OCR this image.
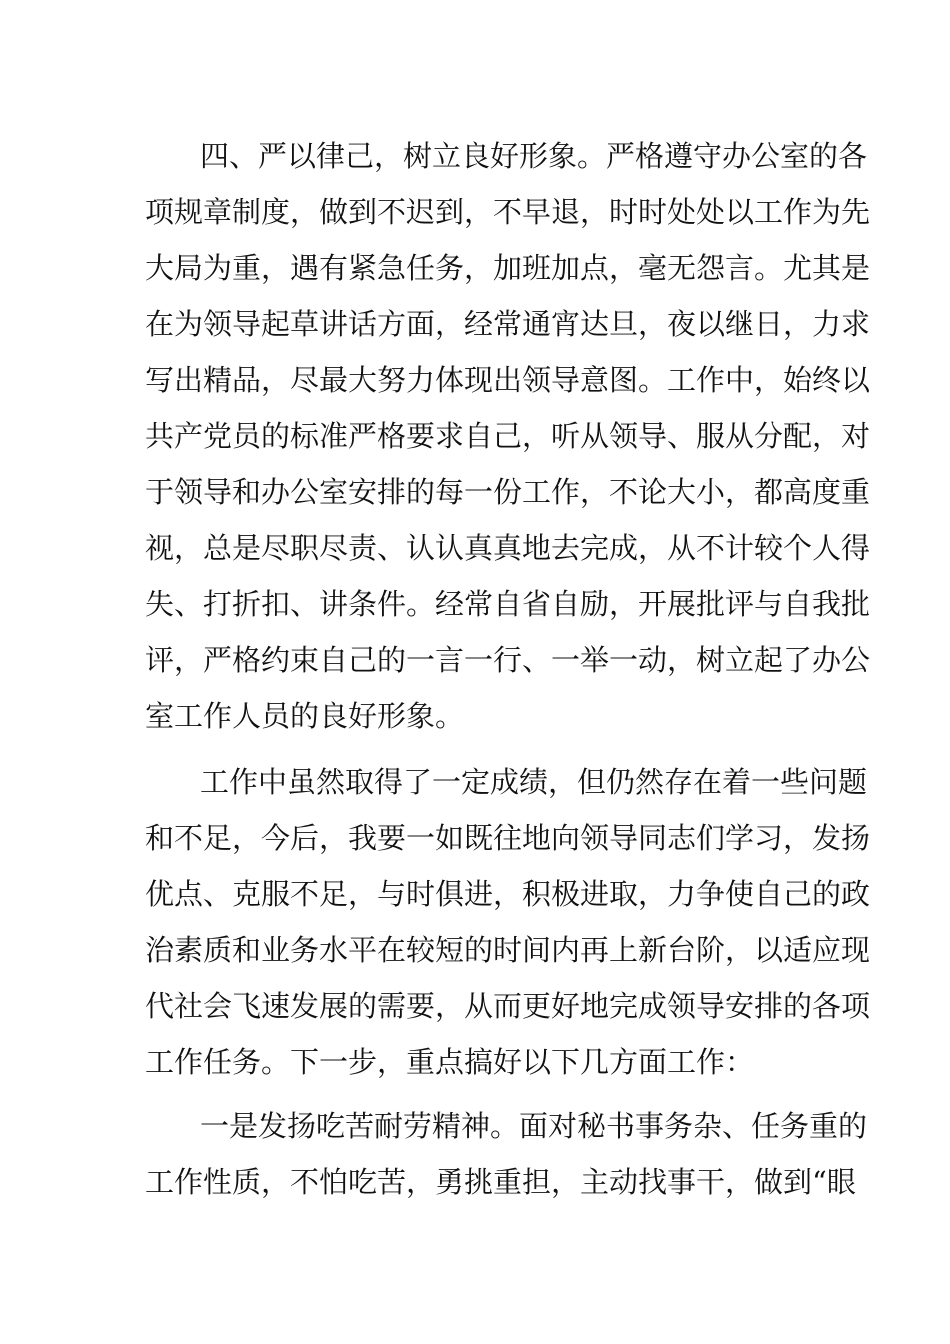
四、严以律己，树立良好形象。严格遵守办公室的各
项规章制度，做到不迟到，不早退，时时处处以工作为先
大局为重，遇有紧急任务，加班加点，毫无怨言。尤其是
在为领导起草讲话方面，经常通宵达旦，夜以继日，力求
写出精品，尽最大努力体现出领导意图。工作中，始终以
共产党员的标准严格要求自己，听从领导、服从分配，对
于领导和办公室安排的每一份工作，不论大小，都高度重
视，总是尽职尽责、认认真真地去完成，从不计较个人得
失、打折扣、讲条件。经常自省自励，开展批评与自我批
评，严格约束自己的一言一行、一举一动，树立起了办公
室工作人员的良好形象。
工作中虽然取得了一定成绩，但仍然存在着一些问题
和不足，今后，我要一如既往地向领导同志们学习，发扬
优点、克服不足，与时俱进，积极进取，力争使自己的政
治素质和业务水平在较短的时间内再上新台阶，以适应现
代社会飞速发展的需要，从而更好地完成领导安排的各项
工作任务。下一步，重点搞好以下几方面工作：
一是发扬吃苦耐劳精神。面对秘书事务杂、任务重的
工作性质，不怕吃苦，勇挑重担，主动找事干，做到“眼
